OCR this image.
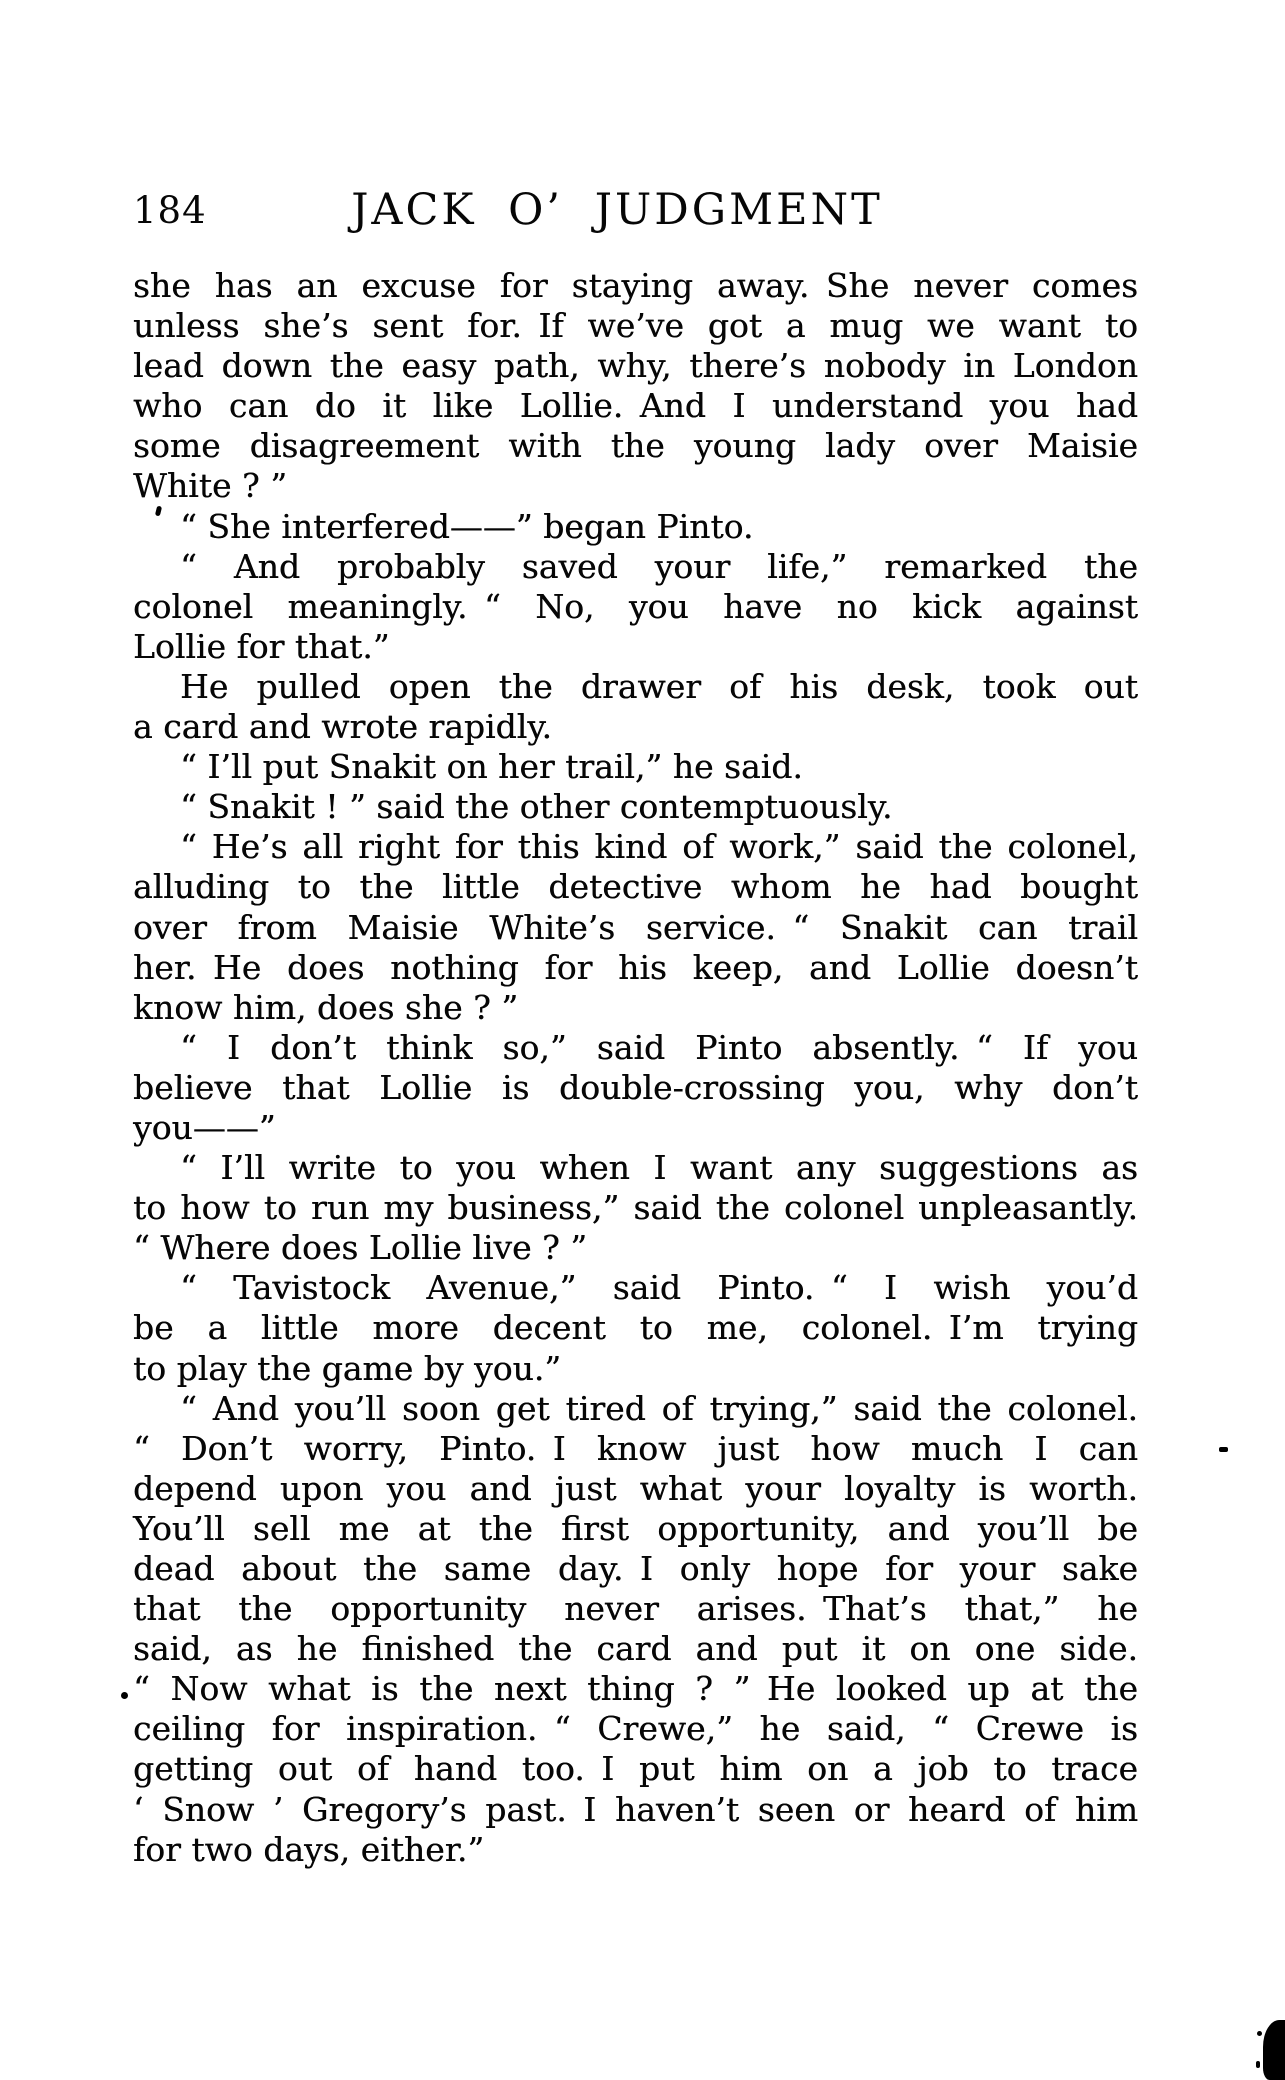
184	JACK O’ JUDGMENT
she has an excuse for staying away. She never comes
unless she’s sent for. If we’ve got a mug we want to
lead down the easy path, why, there’s nobody in London
who can do it like Lollie. And I understand you had
some disagreement with the young lady over Maisie
White ? ”
“ She interfered——” began Pinto.
“ And probably saved your life,” remarked the
colonel meaningly. “ No, you have no kick against
Lollie for that.”
He pulled open the drawer of his desk, took out
a card and wrote rapidly.
“ I’ll put Snakit on her trail,” he said.
“ Snakit ! ” said the other contemptuously.
“ He’s all right for this kind of work,” said the colonel,
alluding to the little detective whom he had bought
over from Maisie White’s service. “ Snakit can trail
her. He does nothing for his keep, and Lollie doesn’t
know him, does she ? ”
“ I don’t think so,” said Pinto absently. “ If you
believe that Lollie is double-crossing you, why don’t
you——”
“ I’ll write to you when I want any suggestions as
to how to run my business,” said the colonel unpleasantly.
“ Where does Lollie live ? ”
“ Tavistock Avenue,” said Pinto. “ I wish you’d
be a little more decent to me, colonel. I’m trying
to play the game by you.”
“ And you’ll soon get tired of trying,” said the colonel.
“ Don’t worry, Pinto. I know just how much I can
depend upon you and just what your loyalty is worth.
You’ll sell me at the first opportunity, and you’ll be
dead about the same day. I only hope for your sake
that the opportunity never arises. That’s that,” he
said, as he finished the card and put it on one side.
“ Now what is the next thing ? ” He looked up at the
ceiling for inspiration. “ Crewe,” he said, “ Crewe is
getting out of hand too. I put him on a job to trace
‘ Snow ’ Gregory’s past. I haven’t seen or heard of him
for two days, either.”
